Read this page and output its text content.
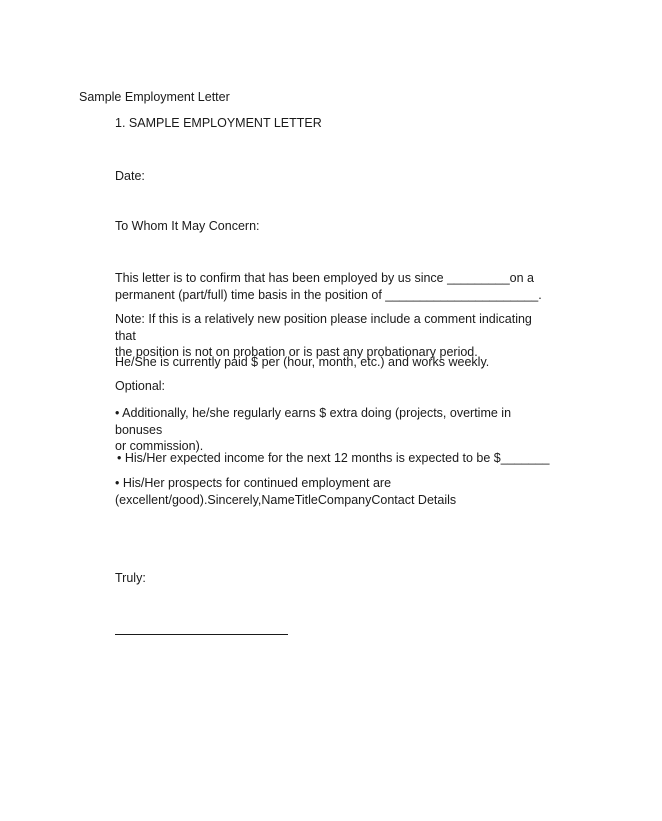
Sample Employment Letter
1. SAMPLE EMPLOYMENT LETTER
Date:
To Whom It May Concern:
This letter is to confirm that has been employed by us since _________on a
permanent (part/full) time basis in the position of ______________________.
Note: If this is a relatively new position please include a comment indicating that
the position is not on probation or is past any probationary period.
He/She is currently paid $ per (hour, month, etc.) and works weekly.
Optional:
• Additionally, he/she regularly earns $ extra doing (projects, overtime in bonuses
or commission).
• His/Her expected income for the next 12 months is expected to be $_______
• His/Her prospects for continued employment are
(excellent/good).Sincerely,NameTitleCompanyContact Details
Truly:
